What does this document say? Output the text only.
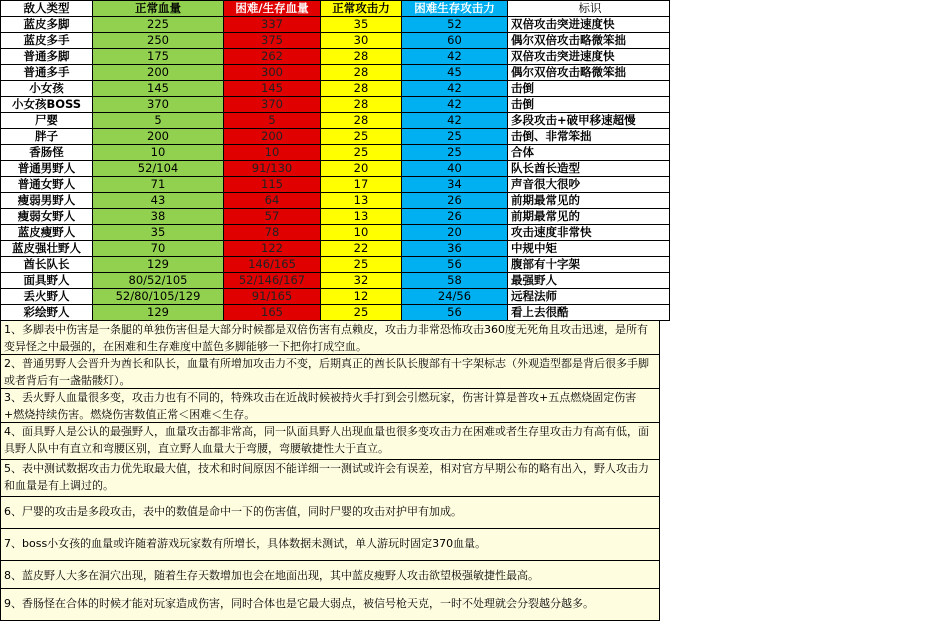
敌人类型	正常血量	困难/生存血量	正常攻击力	困难生存攻击力	标识
蓝皮多脚	225	337	35	52	双倍攻击突进速度快
蓝皮多手	250	375	30	60	偶尔双倍攻击略微笨拙
普通多脚	175	262	28	42	双倍攻击突进速度快
普通多手	200	300	28	45	偶尔双倍攻击略微笨拙
小女孩	145	145	28	42	击倒
小女孩BOSS	370	370	28	42	击倒
尸婴	5	5	28	42	多段攻击+破甲移速超慢
胖子	200	200	25	25	击倒、非常笨拙
香肠怪	10	10	25	25	合体
普通男野人	52/104	91/130	20	40	队长酋长造型
普通女野人	71	115	17	34	声音很大很吵
瘦弱男野人	43	64	13	26	前期最常见的
瘦弱女野人	38	57	13	26	前期最常见的
蓝皮瘦野人	35	78	10	20	攻击速度非常快
蓝皮强壮野人	70	122	22	36	中规中矩
酋长队长	129	146/165	25	56	腹部有十字架
面具野人	80/52/105	52/146/167	32	58	最强野人
丢火野人	52/80/105/129	91/165	12	24/56	远程法师
彩绘野人	129	165	25	56	看上去很酷
1、多脚表中伤害是一条腿的单独伤害但是大部分时候都是双倍伤害有点赖皮，攻击力非常恐怖攻击360度无死角且攻击迅速，是所有变异怪之中最强的，在困难和生存难度中蓝色多脚能够一下把你打成空血。
2、普通男野人会晋升为酋长和队长，血量有所增加攻击力不变，后期真正的酋长队长腹部有十字架标志（外观造型都是背后很多手脚或者背后有一盏骷髅灯）。
3、丢火野人血量很多变，攻击力也有不同的，特殊攻击在近战时候被持火手打到会引燃玩家，伤害计算是普攻+五点燃烧固定伤害+燃烧持续伤害。燃烧伤害数值正常＜困难＜生存。
4、面具野人是公认的最强野人，血量攻击都非常高，同一队面具野人出现血量也很多变攻击力在困难或者生存里攻击力有高有低，面具野人队中有直立和弯腰区别，直立野人血量大于弯腰，弯腰敏捷性大于直立。
5、表中测试数据攻击力优先取最大值，技术和时间原因不能详细一一测试或许会有误差，相对官方早期公布的略有出入，野人攻击力和血量是有上调过的。
6、尸婴的攻击是多段攻击，表中的数值是命中一下的伤害值，同时尸婴的攻击对护甲有加成。
7、boss小女孩的血量或许随着游戏玩家数有所增长，具体数据未测试，单人游玩时固定370血量。
8、蓝皮野人大多在洞穴出现，随着生存天数增加也会在地面出现，其中蓝皮瘦野人攻击欲望极强敏捷性最高。
9、香肠怪在合体的时候才能对玩家造成伤害，同时合体也是它最大弱点，被信号枪天克，一时不处理就会分裂越分越多。
